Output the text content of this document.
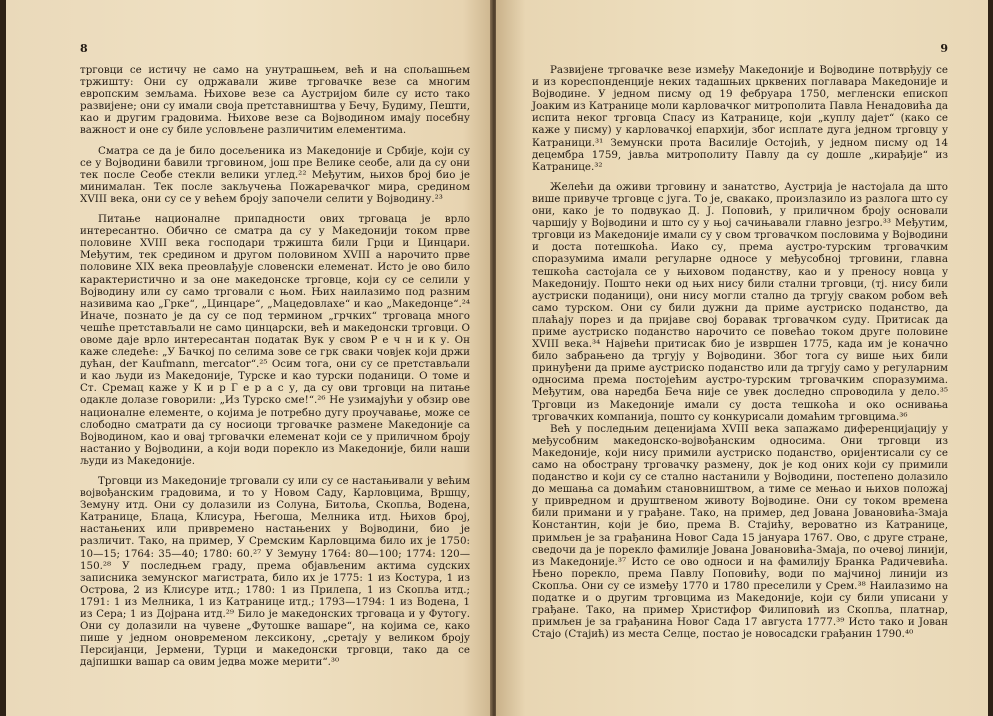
8

трговци се истичу не само на унутрашњем, већ и на спољашњем тржишту: Они су одржавали живе трговачке везе са многим европским земљама. Њихове везе са Аустријом биле су исто тако развијене; они су имали своја претставништва у Бечу, Будиму, Пешти, као и другим градовима. Њихове везе са Војводином имају посебну важност и оне су биле условљене различитим елементима.

Сматра се да је било досељеника из Македоније и Србије, који су се у Војводини бавили трговином, још пре Велике сеобе, али да су они тек после Сеобе стекли велики углед.²² Међутим, њихов број био је минималан. Тек после закључења Пожаревачког мира, средином XVIII века, они су се у већем броју започели селити у Војводину.²³

Питање националне припадности ових трговаца је врло интересантно. Обично се сматра да су у Македонији током прве половине XVIII века господари тржишта били Грци и Цинцари. Међутим, тек средином и другом половином XVIII а нарочито прве половине XIX века преовлађује словенски елеменат. Исто је ово било карактеристично и за оне македонске трговце, који су се селили у Војводину или су само трговали с њом. Њих наилазимо под разним називима као „Грке“, „Цинцаре“, „Мацедовлахе“ и као „Македонце“.²⁴ Иначе, познато је да су се под термином „грчких“ трговаца много чешће претстављали не само цинцарски, већ и македонски трговци. О овоме даје врло интересантан податак Вук у свом Р е ч н и к у. Он каже следеће: „У Бачкој по селима зове се грк сваки човјек који држи дућан, der Kaufmann, mercator“.²⁵ Осим тога, они су се претстављали и као људи из Македоније, Турске и као турски поданици. О томе и Ст. Сремац каже у К и р Г е р а с у, да су ови трговци на питање одакле долазе говорили: „Из Турско сме!“.²⁶ Не узимајући у обзир ове националне елементе, о којима је потребно дугу проучавање, може се слободно сматрати да су носиоци трговачке размене Македоније са Војводином, као и овај трговачки елеменат који се у приличном броју настанио у Војводини, а који води порекло из Македоније, били наши људи из Македоније.

Трговци из Македоније трговали су или су се настањивали у већим војвођанским градовима, и то у Новом Саду, Карловцима, Вршцу, Земуну итд. Они су долазили из Солуна, Битоља, Скопља, Водена, Катранице, Блаца, Клисура, Његоша, Мелника итд. Њихов број, настањених или привремено настањених у Војводини, био је различит. Тако, на пример, У Сремским Карловцима било их је 1750: 10—15; 1764: 35—40; 1780: 60.²⁷ У Земуну 1764: 80—100; 1774: 120—150.²⁸ У последњем граду, према објављеним актима судских записника земунског магистрата, било их је 1775: 1 из Костура, 1 из Острова, 2 из Клисуре итд.; 1780: 1 из Прилепа, 1 из Скопља итд.; 1791: 1 из Мелника, 1 из Катранице итд.; 1793—1794: 1 из Водена, 1 из Сера; 1 из Дојрана итд.²⁹ Било је македонских трговаца и у Футогу. Они су долазили на чувене „Футошке вашаре“, на којима се, како пише у једном оновременом лексикону, „сретају у великом броју Персијанци, Јермени, Турци и македонски трговци, тако да се дајпишки вашар са овим једва може мерити“.³⁰

9

Развијене трговачке везе између Македоније и Војводине потврђују се и из кореспонденције неких тадашњих црквених поглавара Македоније и Војводине. У једном писму од 19 фебруара 1750, мегленски епископ Јоаким из Катранице моли карловачког митрополита Павла Ненадовића да испита неког трговца Спасу из Катранице, који „куплу дајет“ (како се каже у писму) у карловачкој епархији, због исплате дуга једном трговцу у Катраници.³¹ Земунски прота Василије Остојић, у једном писму од 14 децембра 1759, јавља митрополиту Павлу да су дошле „кирађије“ из Катранице.³²

Желећи да оживи трговину и занатство, Аустрија је настојала да што више привуче трговце с југа. То је, свакако, произлазило из разлога што су они, како је то подвукао Д. Ј. Поповић, у приличном броју основали чаршију у Војводини и што су у њој сачињавали главно језгро.³³ Међутим, трговци из Македоније имали су у свом трговачком пословима у Војводини и доста потешкоћа. Иако су, према аустро-турским трговачким споразумима имали регуларне односе у међусобној трговини, главна тешкоћа састојала се у њиховом поданству, као и у преносу новца у Македонију. Пошто неки од њих нису били стални трговци, (тј. нису били аустриски поданици), они нису могли стално да тргују сваком робом већ само турском. Они су били дужни да приме аустриско поданство, да плаћају порез и да пријаве свој боравак трговачком суду. Притисак да приме аустриско поданство нарочито се повећао током друге половине XVIII века.³⁴ Највећи притисак био је извршен 1775, када им је коначно било забрањено да тргују у Војводини. Због тога су више њих били принуђени да приме аустриско поданство или да тргују само у регуларним односима према постојећим аустро-турским трговачким споразумима. Међутим, ова наредба Беча није се увек доследно спроводила у дело.³⁵ Трговци из Македоније имали су доста тешкоћа и око оснивања трговачких компанија, пошто су конкурисали домаћим трговцима.³⁶

Већ у последњим деценијама XVIII века запажамо диференцијацију у међусобним македонско-војвођанским односима. Они трговци из Македоније, који нису примили аустриско поданство, оријентисали су се само на обострану трговачку размену, док је код оних који су примили поданство и који су се стално настанили у Војводини, постепено долазило до мешања са домаћим становништвом, а тиме се мењао и њихов положај у привредном и друштвеном животу Војводине. Они су током времена били примани и у грађане. Тако, на пример, дед Јована Јовановића-Змаја Константин, који је био, према В. Стајићу, вероватно из Катранице, примљен је за грађанина Новог Сада 15 јануара 1767. Ово, с друге стране, сведочи да је порекло фамилије Јована Јовановића-Змаја, по очевој линији, из Македоније.³⁷ Исто се ово односи и на фамилију Бранка Радичевића. Њено порекло, према Павлу Поповићу, води по мајчиној линији из Скопља. Они су се између 1770 и 1780 преселили у Срем.³⁸ Наилазимо на податке и о другим трговцима из Македоније, који су били уписани у грађане. Тако, на пример Христифор Филиповић из Скопља, платнар, примљен је за грађанина Новог Сада 17 августа 1777.³⁹ Исто тако и Јован Стајо (Стајић) из места Селце, постао је новосадски грађанин 1790.⁴⁰
